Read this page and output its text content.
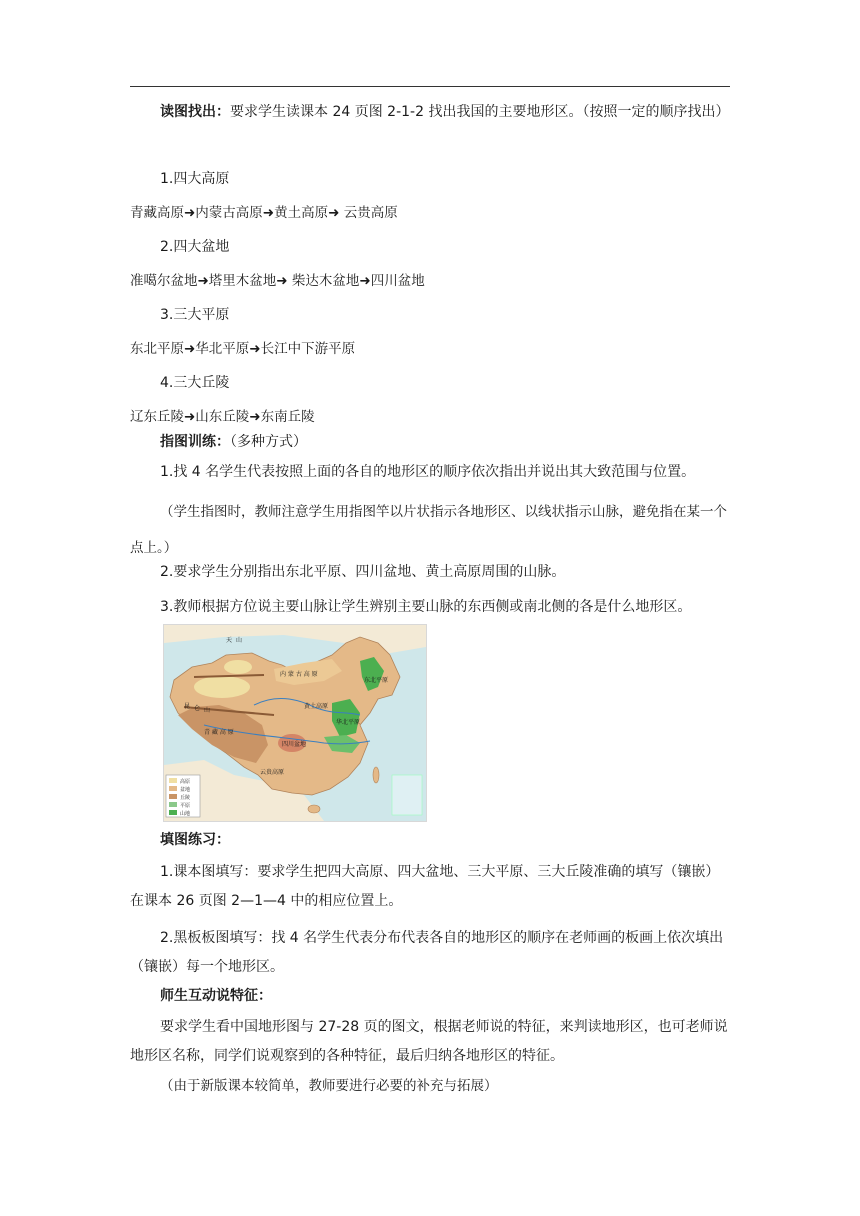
读图找出：要求学生读课本 24 页图 2-1-2 找出我国的主要地形区。（按照一定的顺序找出）
1.四大高原
青藏高原➜内蒙古高原➜黄土高原➜ 云贵高原
2.四大盆地
准噶尔盆地➜塔里木盆地➜ 柴达木盆地➜四川盆地
3.三大平原
东北平原➜华北平原➜长江中下游平原
4.三大丘陵
辽东丘陵➜山东丘陵➜东南丘陵
指图训练：（多种方式）
1.找 4 名学生代表按照上面的各自的地形区的顺序依次指出并说出其大致范围与位置。
（学生指图时，教师注意学生用指图竿以片状指示各地形区、以线状指示山脉，避免指在某一个点上。）
2.要求学生分别指出东北平原、四川盆地、黄土高原周围的山脉。
3.教师根据方位说主要山脉让学生辨别主要山脉的东西侧或南北侧的各是什么地形区。
天 山
昆 仑 山
青 藏 高 原
内 蒙 古 高 原
黄土高原
四川盆地
东北平原
华北平原
云贵高原
高原
盆地
丘陵
平原
山地
填图练习：
1.课本图填写：要求学生把四大高原、四大盆地、三大平原、三大丘陵准确的填写（镶嵌）在课本 26 页图 2—1—4 中的相应位置上。
2.黑板板图填写：找 4 名学生代表分布代表各自的地形区的顺序在老师画的板画上依次填出（镶嵌）每一个地形区。
师生互动说特征：
要求学生看中国地形图与 27-28 页的图文，根据老师说的特征，来判读地形区，也可老师说地形区名称，同学们说观察到的各种特征，最后归纳各地形区的特征。
（由于新版课本较简单，教师要进行必要的补充与拓展）
